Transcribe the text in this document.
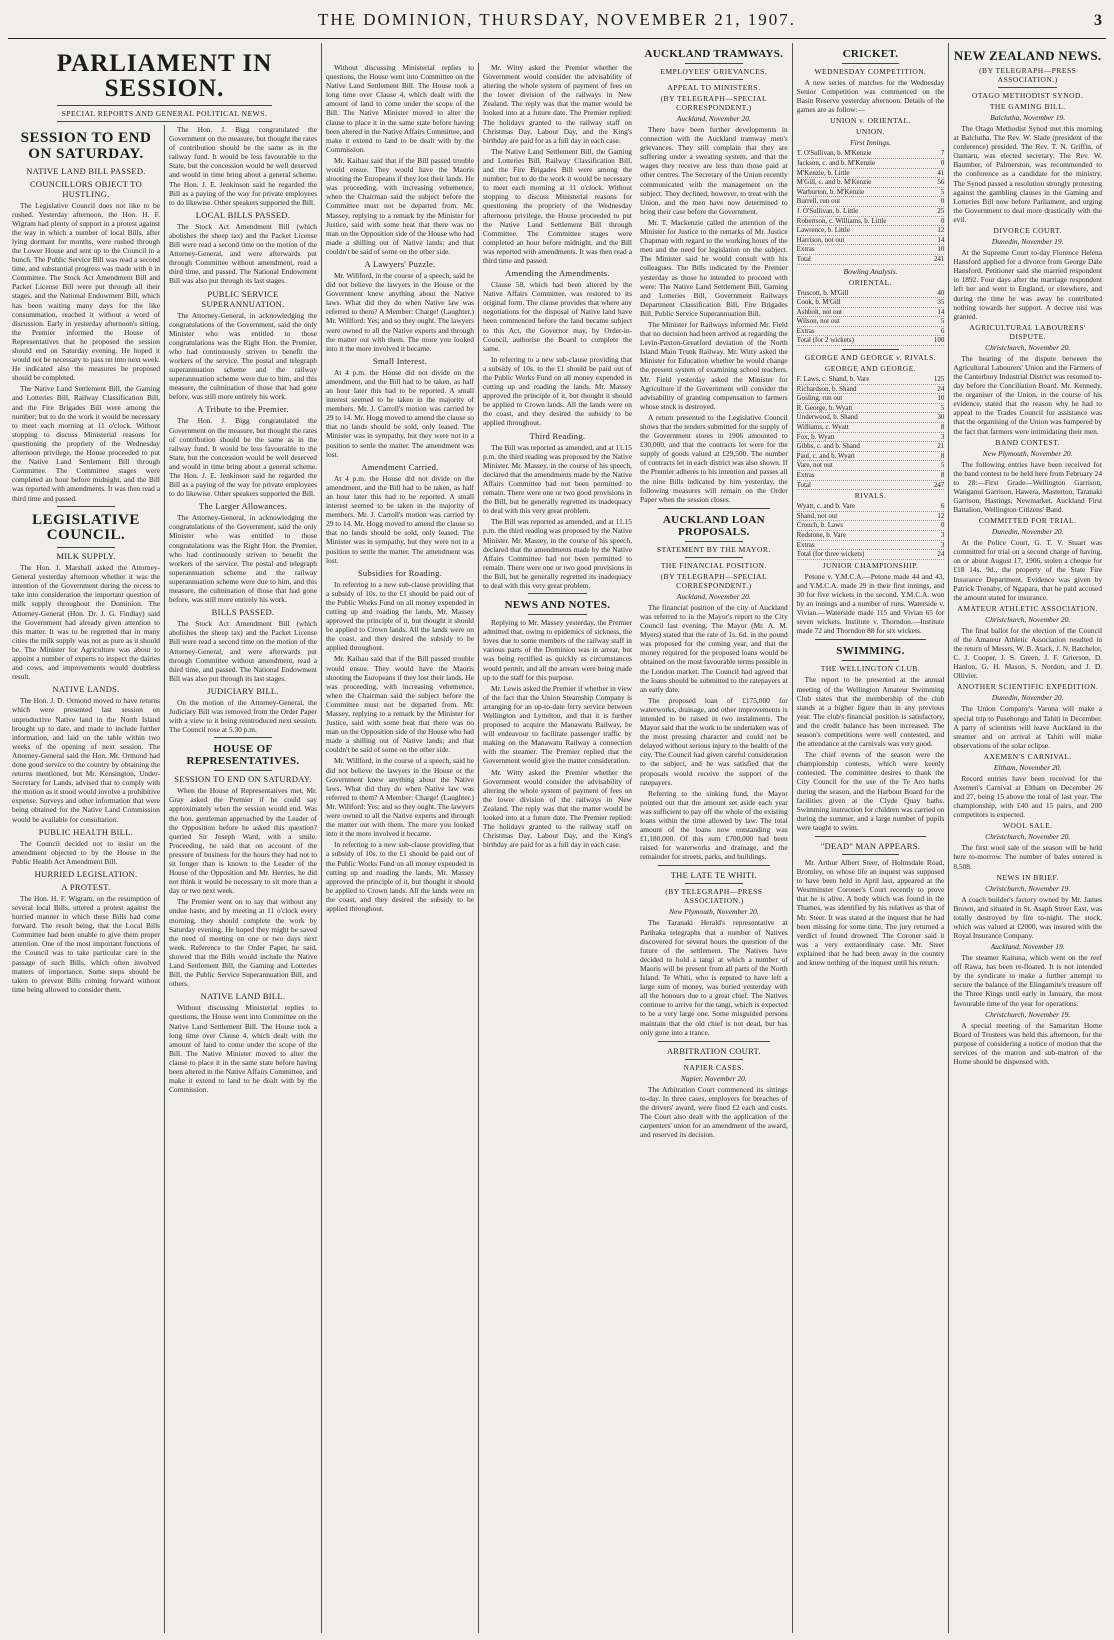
THE DOMINION, THURSDAY, NOVEMBER 21, 1907.	3
PARLIAMENT IN SESSION.
SPECIAL REPORTS AND GENERAL POLITICAL NEWS.
SESSION TO END ON SATURDAY.
NATIVE LAND BILL PASSED.
COUNCILLORS OBJECT TO HUSTLING.

The Legislative Council does not like to be rushed. Yesterday afternoon, the Hon. H. F. Wigram had plenty of support in a protest against the way in which a number of local Bills, after lying dormant for months, were rushed through the Lower House and sent up to the Council in a bunch. The Public Service Bill was read a second time, and substantial progress was made with it in Committee. The Stock Act Amendment Bill and Packet License Bill were put through all their stages, and the National Endowment Bill, which has been waiting many days for the like consummation, reached it without a word of discussion. Early in yesterday afternoon's sitting, the Premier informed the House of Representatives that he proposed the session should end on Saturday evening. He hoped it would not be necessary to pass on into next week. He indicated also the measures he proposed should be completed.

The Native Land Settlement Bill, the Gaming and Lotteries Bill, Railway Classification Bill, and the Fire Brigades Bill were among the number; but to do the work it would be necessary to meet each morning at 11 o'clock. Without stopping to discuss Ministerial reasons for questioning the propriety of the Wednesday afternoon privilege, the House proceeded to put the Native Land Settlement Bill through Committee. The Committee stages were completed an hour before midnight, and the Bill was reported with amendments. It was then read a third time and passed.

LEGISLATIVE COUNCIL.
MILK SUPPLY.

The Hon. J. Marshall asked the Attorney-General yesterday afternoon whether it was the intention of the Government during the recess to take into consideration the important question of milk supply throughout the Dominion. The Attorney-General (Hon. Dr. J. G. Findlay) said the Government had already given attention to this matter. It was to be regretted that in many cities the milk supply was not as pure as it should be. The Minister for Agriculture was about to appoint a number of experts to inspect the dairies and cows, and improvements would doubtless result.

NATIVE LANDS.

The Hon. J. D. Ormond moved to have returns which were presented last session on unproductive Native land in the North Island brought up to date, and made to include further information, and laid on the table within two weeks of the opening of next session. The Attorney-General said the Hon. Mr. Ormond had done good service to the country by obtaining the returns mentioned, but Mr. Kensington, Under-Secretary for Lands, advised that to comply with the motion as it stood would involve a prohibitive expense. Surveys and other information that were being obtained for the Native Land Commission would be available for consultation.

PUBLIC HEALTH BILL.

The Council decided not to insist on the amendment objected to by the House in the Public Health Act Amendment Bill.

HURRIED LEGISLATION.
A PROTEST.

The Hon. H. F. Wigram, on the resumption of several local Bills, uttered a protest against the hurried manner in which these Bills had come forward. The result being, that the Local Bills Committee had been unable to give them proper attention. One of the most important functions of the Council was to take particular care in the passage of such Bills, which often involved matters of importance. Some steps should be taken to prevent Bills coming forward without time being allowed to consider them.

The Hon. J. Bigg congratulated the Government on the measure, but thought the rates of contribution should be the same as in the railway fund. It would be less favourable to the State, but the concession would be well deserved and would in time bring about a general scheme. The Hon. J. E. Jenkinson said he regarded the Bill as a paying of the way for private employees to do likewise. Other speakers supported the Bill.

LOCAL BILLS PASSED.

The Stock Act Amendment Bill (which abolishes the sheep tax) and the Packet License Bill were read a second time on the motion of the Attorney-General, and were afterwards put through Committee without amendment, read a third time, and passed. The National Endowment Bill was also put through its last stages.

PUBLIC SERVICE SUPERANNUATION.

The Attorney-General, in acknowledging the congratulations of the Government, said the only Minister who was entitled to those congratulations was the Right Hon. the Premier, who had continuously striven to benefit the workers of the service. The postal and telegraph superannuation scheme and the railway superannuation scheme were due to him, and this measure, the culmination of those that had gone before, was still more entirely his work.

A Tribute to the Premier.

The Hon. J. Bigg congratulated the Government on the measure, but thought the rates of contribution should be the same as in the railway fund. It would be less favourable to the State, but the concession would be well deserved and would in time bring about a general scheme. The Hon. J. E. Jenkinson said he regarded the Bill as a paying of the way for private employees to do likewise. Other speakers supported the Bill.

The Larger Allowances.

The Attorney-General, in acknowledging the congratulations of the Government, said the only Minister who was entitled to those congratulations was the Right Hon. the Premier, who had continuously striven to benefit the workers of the service. The postal and telegraph superannuation scheme and the railway superannuation scheme were due to him, and this measure, the culmination of those that had gone before, was still more entirely his work.

BILLS PASSED.

The Stock Act Amendment Bill (which abolishes the sheep tax) and the Packet License Bill were read a second time on the motion of the Attorney-General, and were afterwards put through Committee without amendment, read a third time, and passed. The National Endowment Bill was also put through its last stages.

JUDICIARY BILL.

On the motion of the Attorney-General, the Judiciary Bill was removed from the Order Paper with a view to it being reintroduced next session. The Council rose at 5.30 p.m.

HOUSE OF REPRESENTATIVES.
SESSION TO END ON SATURDAY.

When the House of Representatives met, Mr. Gray asked the Premier if he could say approximately when the session would end. Was the hon. gentleman approached by the Leader of the Opposition before he asked this question? queried Sir Joseph Ward, with a smile. Proceeding, he said that on account of the pressure of business for the hours they had not to sit longer than is known to the Leader of the House of the Opposition and Mr. Herries, he did not think it would be necessary to sit more than a day or two next week.

The Premier went on to say that without any undue haste, and by meeting at 11 o'clock every morning, they should complete the work by Saturday evening. He hoped they might be saved the need of meeting on one or two days next week. Reference to the Order Paper, he said, showed that the Bills would include the Native Land Settlement Bill, the Gaming and Lotteries Bill, the Public Service Superannuation Bill, and others.

NATIVE LAND BILL.

Without discussing Ministerial replies to questions, the House went into Committee on the Native Land Settlement Bill. The House took a long time over Clause 4, which dealt with the amount of land to come under the scope of the Bill. The Native Minister moved to alter the clause to place it in the same state before having been altered in the Native Affairs Committee, and make it extend to land to be dealt with by the Commission.

Without discussing Ministerial replies to questions, the House went into Committee on the Native Land Settlement Bill. The House took a long time over Clause 4, which dealt with the amount of land to come under the scope of the Bill. The Native Minister moved to alter the clause to place it in the same state before having been altered in the Native Affairs Committee, and make it extend to land to be dealt with by the Commission.

Mr. Kaihau said that if the Bill passed trouble would ensue. They would have the Maoris shooting the Europeans if they lost their lands. He was proceeding, with increasing vehemence, when the Chairman said the subject before the Committee must not be departed from. Mr. Massey, replying to a remark by the Minister for Justice, said with some heat that there was no man on the Opposition side of the House who had made a shilling out of Native lands; and that couldn't be said of some on the other side.

A Lawyers' Puzzle.

Mr. Willford, in the course of a speech, said he did not believe the lawyers in the House or the Government knew anything about the Native laws. What did they do when Native law was referred to them? A Member: Charge! (Laughter.) Mr. Willford: Yes; and so they ought. The lawyers were owned to all the Native experts and through the matter out with them. The more you looked into it the more involved it became.

Small Interest.

At 4 p.m. the House did not divide on the amendment, and the Bill had to be taken, as half an hour later this had to be reported. A small interest seemed to be taken in the majority of members. Mr. J. Carroll's motion was carried by 29 to 14. Mr. Hogg moved to amend the clause so that no lands should be sold, only leased. The Minister was in sympathy, but they were not in a position to settle the matter. The amendment was lost.

Amendment Carried.

At 4 p.m. the House did not divide on the amendment, and the Bill had to be taken, as half an hour later this had to be reported. A small interest seemed to be taken in the majority of members. Mr. J. Carroll's motion was carried by 29 to 14. Mr. Hogg moved to amend the clause so that no lands should be sold, only leased. The Minister was in sympathy, but they were not in a position to settle the matter. The amendment was lost.

Subsidies for Roading.

In referring to a new sub-clause providing that a subsidy of 10s. to the £1 should be paid out of the Public Works Fund on all money expended in cutting up and roading the lands, Mr. Massey approved the principle of it, but thought it should be applied to Crown lands. All the lands were on the coast, and they desired the subsidy to be applied throughout.

Mr. Kaihau said that if the Bill passed trouble would ensue. They would have the Maoris shooting the Europeans if they lost their lands. He was proceeding, with increasing vehemence, when the Chairman said the subject before the Committee must not be departed from. Mr. Massey, replying to a remark by the Minister for Justice, said with some heat that there was no man on the Opposition side of the House who had made a shilling out of Native lands; and that couldn't be said of some on the other side.

Mr. Willford, in the course of a speech, said he did not believe the lawyers in the House or the Government knew anything about the Native laws. What did they do when Native law was referred to them? A Member: Charge! (Laughter.) Mr. Willford: Yes; and so they ought. The lawyers were owned to all the Native experts and through the matter out with them. The more you looked into it the more involved it became.

In referring to a new sub-clause providing that a subsidy of 10s. to the £1 should be paid out of the Public Works Fund on all money expended in cutting up and roading the lands, Mr. Massey approved the principle of it, but thought it should be applied to Crown lands. All the lands were on the coast, and they desired the subsidy to be applied throughout.

Mr. Witty asked the Premier whether the Government would consider the advisability of altering the whole system of payment of fees on the lower division of the railways in New Zealand. The reply was that the matter would be looked into at a future date. The Premier replied: The holidays granted to the railway staff on Christmas Day, Labour Day, and the King's birthday are paid for as a full day in each case.

The Native Land Settlement Bill, the Gaming and Lotteries Bill, Railway Classification Bill, and the Fire Brigades Bill were among the number; but to do the work it would be necessary to meet each morning at 11 o'clock. Without stopping to discuss Ministerial reasons for questioning the propriety of the Wednesday afternoon privilege, the House proceeded to put the Native Land Settlement Bill through Committee. The Committee stages were completed an hour before midnight, and the Bill was reported with amendments. It was then read a third time and passed.

Amending the Amendments.

Clause 58, which had been altered by the Native Affairs Committee, was restored to its original form. The clause provides that where any negotiations for the disposal of Native land have been commenced before the land became subject to this Act, the Governor may, by Order-in-Council, authorise the Board to complete the same.

In referring to a new sub-clause providing that a subsidy of 10s. to the £1 should be paid out of the Public Works Fund on all money expended in cutting up and roading the lands, Mr. Massey approved the principle of it, but thought it should be applied to Crown lands. All the lands were on the coast, and they desired the subsidy to be applied throughout.

Third Reading.

The Bill was reported as amended, and at 11.15 p.m. the third reading was proposed by the Native Minister. Mr. Massey, in the course of his speech, declared that the amendments made by the Native Affairs Committee had not been permitted to remain. There were one or two good provisions in the Bill, but he generally regretted its inadequacy to deal with this very great problem.

The Bill was reported as amended, and at 11.15 p.m. the third reading was proposed by the Native Minister. Mr. Massey, in the course of his speech, declared that the amendments made by the Native Affairs Committee had not been permitted to remain. There were one or two good provisions in the Bill, but he generally regretted its inadequacy to deal with this very great problem.

NEWS AND NOTES.

Replying to Mr. Massey yesterday, the Premier admitted that, owing to epidemics of sickness, the loves due to some members of the railway staff in various parts of the Dominion was in arrear, but was being rectified as quickly as circumstances would permit, and all the arrears were being made up to the staff for this purpose.

Mr. Lewis asked the Premier if whether in view of the fact that the Union Steamship Company is arranging for an up-to-date ferry service between Wellington and Lyttelton, and that it is further proposed to acquire the Manawatu Railway, he will endeavour to facilitate passenger traffic by making on the Manawatu Railway a connection with the steamer. The Premier replied that the Government would give the matter consideration.

Mr. Witty asked the Premier whether the Government would consider the advisability of altering the whole system of payment of fees on the lower division of the railways in New Zealand. The reply was that the matter would be looked into at a future date. The Premier replied: The holidays granted to the railway staff on Christmas Day, Labour Day, and the King's birthday are paid for as a full day in each case.

AUCKLAND TRAMWAYS.
EMPLOYEES' GRIEVANCES.
APPEAL TO MINISTERS.
(BY TELEGRAPH—SPECIAL CORRESPONDENT.)
Auckland, November 20.

There have been further developments in connection with the Auckland tramway men's grievances. They still complain that they are suffering under a sweating system, and that the wages they receive are less than those paid at other centres. The Secretary of the Union recently communicated with the management on the subject. They declined, however, to treat with the Union, and the men have now determined to bring their case before the Government.

Mr. T. Mackenzie called the attention of the Minister for Justice to the remarks of Mr. Justice Chapman with regard to the working hours of the men and the need for legislation on the subject. The Minister said he would consult with his colleagues. The Bills indicated by the Premier yesterday as those he intended to proceed with were: The Native Land Settlement Bill, Gaming and Lotteries Bill, Government Railways Department Classification Bill, Fire Brigades Bill, Public Service Superannuation Bill.

The Minister for Railways informed Mr. Field that no decision had been arrived at regarding the Levin-Paxton-Greatford deviation of the North Island Main Trunk Railway. Mr. Witty asked the Minister for Education whether he would change the present system of examining school teachers. Mr. Field yesterday asked the Minister for Agriculture if the Government will consider the advisability of granting compensation to farmers whose stock is destroyed.

A return presented to the Legislative Council shows that the tenders submitted for the supply of the Government stores in 1906 amounted to £30,000, and that the contracts let were for the supply of goods valued at £29,500. The number of contracts let in each district was also shown. If the Premier adheres to his intention and passes all the nine Bills indicated by him yesterday, the following measures will remain on the Order Paper when the session closes.

AUCKLAND LOAN PROPOSALS.
STATEMENT BY THE MAYOR.
THE FINANCIAL POSITION.
(BY TELEGRAPH—SPECIAL CORRESPONDENT.)
Auckland, November 20.

The financial position of the city of Auckland was referred to in the Mayor's report to the City Council last evening. The Mayor (Mr. A. M. Myers) stated that the rate of 1s. 6d. in the pound was proposed for the coming year, and that the money required for the proposed loans would be obtained on the most favourable terms possible in the London market. The Council had agreed that the loans should be submitted to the ratepayers at an early date.

The proposed loan of £175,000 for waterworks, drainage, and other improvements is intended to be raised in two instalments. The Mayor said that the work to be undertaken was of the most pressing character and could not be delayed without serious injury to the health of the city. The Council had given careful consideration to the subject, and he was satisfied that the proposals would receive the support of the ratepayers.

Referring to the sinking fund, the Mayor pointed out that the amount set aside each year was sufficient to pay off the whole of the existing loans within the time allowed by law. The total amount of the loans now outstanding was £1,180,000. Of this sum £700,000 had been raised for waterworks and drainage, and the remainder for streets, parks, and buildings.

THE LATE TE WHITI.
(BY TELEGRAPH—PRESS ASSOCIATION.)
New Plymouth, November 20.

The Taranaki Herald's representative at Parihaka telegraphs that a number of Natives discovered for several hours the question of the future of the settlement. The Natives have decided to hold a tangi at which a number of Maoris will be present from all parts of the North Island. Te Whiti, who is reputed to have left a large sum of money, was buried yesterday with all the honours due to a great chief. The Natives continue to arrive for the tangi, which is expected to be a very large one. Some misguided persons maintain that the old chief is not dead, but has only gone into a trance.

ARBITRATION COURT.
NAPIER CASES.
Napier, November 20.

The Arbitration Court commenced its sittings to-day. In three cases, employers for breaches of the drivers' award, were fined £2 each and costs. The Court also dealt with the application of the carpenters' union for an amendment of the award, and reserved its decision.

CRICKET.
WEDNESDAY COMPETITION.

A new series of matches for the Wednesday Senior Competition was commenced on the Basin Reserve yesterday afternoon. Details of the games are as follow:—

UNION v. ORIENTAL.
UNION.
First Innings.
T. O'Sullivan, b. M'Kenzie	7
Jackson, c. and b. M'Kenzie	0
M'Kenzie, b. Little	41
M'Gill, c. and b. M'Kenzie	56
Warburton, b. M'Kenzie	5
Burrell, run out	0
J. O'Sullivan, b. Little	25
Robertson, c. Williams, b. Little	0
Lawrence, b. Little	12
Harrison, not out	14
Extras	10
Total	241
Bowling Analysis.
ORIENTAL.
Truscott, b. M'Gill	40
Cook, b. M'Gill	35
Ashbolt, not out	14
Wilson, not out	5
Extras	6
Total (for 2 wickets)	100
GEORGE AND GEORGE v. RIVALS.
GEORGE AND GEORGE.
F. Laws, c. Shand, b. Vare	125
Richardson, b. Shand	24
Gosling, run out	10
R. George, b. Wyatt	5
Underwood, b. Shand	30
Williams, c. Wyatt	8
Fox, b. Wyatt	3
Gibbs, c. and b. Shand	21
Paul, c. and b. Wyatt	8
Vare, not out	5
Extras	8
Total	247
RIVALS.
Wyatt, c. and b. Vare	6
Shand, not out	12
Crouch, b. Laws	0
Redstone, b. Vare	3
Extras	3
Total (for three wickets)	24
JUNIOR CHAMPIONSHIP.

Petone v. Y.M.C.A.—Petone made 44 and 43, and Y.M.C.A. made 29 in their first innings, and 30 for five wickets in the second. Y.M.C.A. won by an innings and a number of runs. Waterside v. Vivian.—Waterside made 115 and Vivian 65 for seven wickets. Institute v. Thorndon.—Institute made 72 and Thorndon 88 for six wickets.

SWIMMING.
THE WELLINGTON CLUB.

The report to be presented at the annual meeting of the Wellington Amateur Swimming Club states that the membership of the club stands at a higher figure than in any previous year. The club's financial position is satisfactory, and the credit balance has been increased. The season's competitions were well contested, and the attendance at the carnivals was very good.

The chief events of the season were the championship contests, which were keenly contested. The committee desires to thank the City Council for the use of the Te Aro baths during the season, and the Harbour Board for the facilities given at the Clyde Quay baths. Swimming instruction for children was carried on during the summer, and a large number of pupils were taught to swim.

"DEAD" MAN APPEARS.

Mr. Arthur Albert Steer, of Holmsdale Road, Bromley, on whose life an inquest was supposed to have been held in April last, appeared at the Westminster Coroner's Court recently to prove that he is alive. A body which was found in the Thames, was identified by his relatives as that of Mr. Steer. It was stated at the inquest that he had been missing for some time. The jury returned a verdict of found drowned. The Coroner said it was a very extraordinary case. Mr. Steer explained that he had been away in the country and knew nothing of the inquest until his return.

NEW ZEALAND NEWS.
(BY TELEGRAPH—PRESS ASSOCIATION.)
OTAGO METHODIST SYNOD.
THE GAMING BILL.
Balclutha, November 19.

The Otago Methodist Synod met this morning at Balclutha. The Rev. W. Slade (president of the conference) presided. The Rev. T. N. Griffin, of Oamaru, was elected secretary. The Rev. W. Baumber, of Palmerston, was recommended to the conference as a candidate for the ministry. The Synod passed a resolution strongly protesting against the gambling clauses in the Gaming and Lotteries Bill now before Parliament, and urging the Government to deal more drastically with the evil.

DIVORCE COURT.
Dunedin, November 19.

At the Supreme Court to-day Florence Helena Hansford applied for a divorce from George Dale Hansford. Petitioner said she married respondent in 1892. Four days after the marriage respondent left her and went to England, or elsewhere, and during the time he was away he contributed nothing towards her support. A decree nisi was granted.

AGRICULTURAL LABOURERS' DISPUTE.
Christchurch, November 20.

The hearing of the dispute between the Agricultural Labourers' Union and the Farmers of the Canterbury Industrial District was resumed to-day before the Conciliation Board. Mr. Kennedy, the organiser of the Union, in the course of his evidence, stated that the reason why he had to appeal to the Trades Council for assistance was that the organising of the Union was hampered by the fact that farmers were intimidating their men.

BAND CONTEST.
New Plymouth, November 20.

The following entries have been received for the band contest to be held here from February 24 to 28:—First Grade—Wellington Garrison, Wanganui Garrison, Hawera, Masterton, Taranaki Garrison, Hastings, Newmarket, Auckland First Battalion, Wellington Citizens' Band.

COMMITTED FOR TRIAL.
Dunedin, November 20.

At the Police Court, G. T. V. Stuart was committed for trial on a second charge of having, on or about August 17, 1906, stolen a cheque for £18 14s. 9d., the property of the State Fire Insurance Department. Evidence was given by Patrick Trenaby, of Ngapara, that he paid accused the amount stated for insurance.

AMATEUR ATHLETIC ASSOCIATION.
Christchurch, November 20.

The final ballot for the election of the Council of the Amateur Athletic Association resulted in the return of Messrs. W. B. Atack, J. N. Batchelor, C. J. Cooper, J. S. Green, J. F. Grierson, D. Hanlon, G. H. Mason, S. Nordon, and J. D. Ollivier.

ANOTHER SCIENTIFIC EXPEDITION.
Dunedin, November 20.

The Union Company's Varuna will make a special trip to Pusehongo and Tahiti in December. A party of scientists will leave Auckland in the steamer and on arrival at Tahiti will make observations of the solar eclipse.

AXEMEN'S CARNIVAL.
Eltham, November 20.

Record entries have been received for the Axemen's Carnival at Eltham on December 26 and 27, being 15 above the total of last year. The championship, with £40 and 15 pairs, and 200 competitors is expected.

WOOL SALE.
Christchurch, November 20.

The first wool sale of the season will be held here to-morrow. The number of bales entered is 8,508.

NEWS IN BRIEF.
Christchurch, November 19.

A coach builder's factory owned by Mr. James Brown, and situated in St. Asaph Street East, was totally destroyed by fire to-night. The stock, which was valued at £2000, was insured with the Royal Insurance Company.

Auckland, November 19.

The steamer Kaituna, which went on the reef off Rawa, has been re-floated. It is not intended by the syndicate to make a further attempt to secure the balance of the Elingamite's treasure off the Three Kings until early in January, the most favourable time of the year for operations.

Christchurch, November 19.

A special meeting of the Samaritan Home Board of Trustees was held this afternoon, for the purpose of considering a notice of motion that the services of the matron and sub-matron of the Home should be dispensed with.
